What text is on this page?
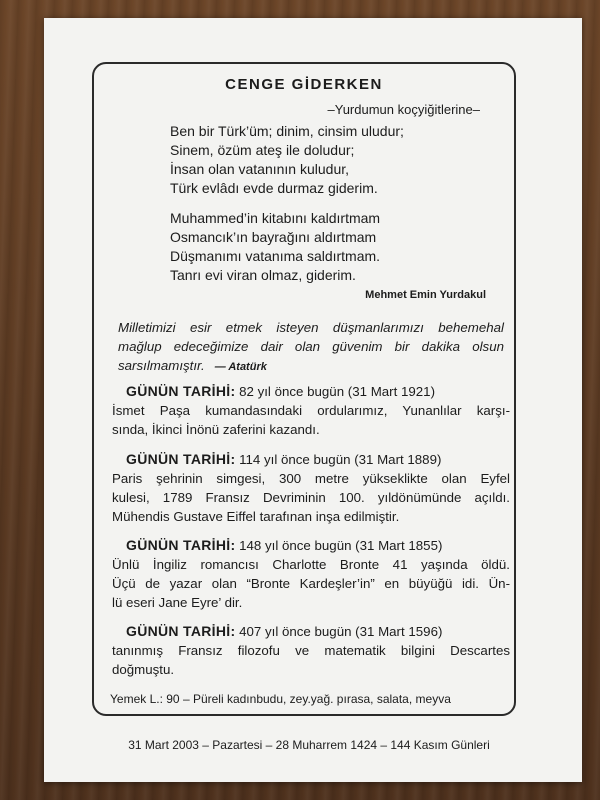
CENGE GİDERKEN
–Yurdumun koçyiğitlerine–
Ben bir Türk’üm; dinim, cinsim uludur;
Sinem, özüm ateş ile doludur;
İnsan olan vatanının kuludur,
Türk evlâdı evde durmaz giderim.
Muhammed’in kitabını kaldırtmam
Osmancık’ın bayrağını aldırtmam
Düşmanımı vatanıma saldırtmam.
Tanrı evi viran olmaz, giderim.
Mehmet Emin Yurdakul
Milletimizi esir etmek isteyen düşmanlarımızı behemehal
mağlup edeceğimize dair olan güvenim bir dakika olsun
sarsılmamıştır. — Atatürk
GÜNÜN TARİHİ: 82 yıl önce bugün (31 Mart 1921)
İsmet Paşa kumandasındaki ordularımız, Yunanlılar karşı-
sında, İkinci İnönü zaferini kazandı.
GÜNÜN TARİHİ: 114 yıl önce bugün (31 Mart 1889)
Paris şehrinin simgesi, 300 metre yükseklikte olan Eyfel
kulesi, 1789 Fransız Devriminin 100. yıldönümünde açıldı.
Mühendis Gustave Eiffel tarafınan inşa edilmiştir.
GÜNÜN TARİHİ: 148 yıl önce bugün (31 Mart 1855)
Ünlü İngiliz romancısı Charlotte Bronte 41 yaşında öldü.
Üçü de yazar olan “Bronte Kardeşler’in” en büyüğü idi. Ün-
lü eseri Jane Eyre’ dir.
GÜNÜN TARİHİ: 407 yıl önce bugün (31 Mart 1596)
tanınmış Fransız filozofu ve matematik bilgini Descartes
doğmuştu.
Yemek L.: 90 – Püreli kadınbudu, zey.yağ. pırasa, salata, meyva
31 Mart 2003 – Pazartesi – 28 Muharrem 1424 – 144 Kasım Günleri
